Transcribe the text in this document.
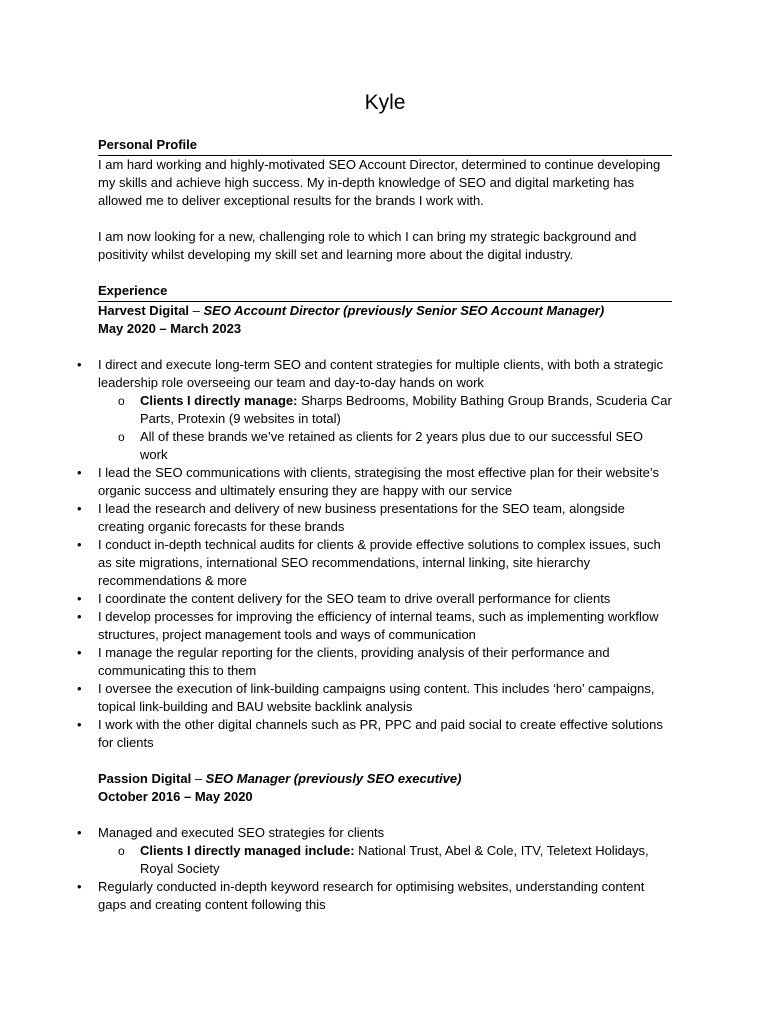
Kyle
Personal Profile

I am hard working and highly-motivated SEO Account Director, determined to continue developing my skills and achieve high success. My in-depth knowledge of SEO and digital marketing has allowed me to deliver exceptional results for the brands I work with.

I am now looking for a new, challenging role to which I can bring my strategic background and positivity whilst developing my skill set and learning more about the digital industry.

Experience
Harvest Digital – SEO Account Director (previously Senior SEO Account Manager)
May 2020 – March 2023
• I direct and execute long-term SEO and content strategies for multiple clients, with both a strategic leadership role overseeing our team and day-to-day hands on work
o Clients I directly manage: Sharps Bedrooms, Mobility Bathing Group Brands, Scuderia Car Parts, Protexin (9 websites in total)
o All of these brands we’ve retained as clients for 2 years plus due to our successful SEO work
• I lead the SEO communications with clients, strategising the most effective plan for their website’s organic success and ultimately ensuring they are happy with our service
• I lead the research and delivery of new business presentations for the SEO team, alongside creating organic forecasts for these brands
• I conduct in-depth technical audits for clients & provide effective solutions to complex issues, such as site migrations, international SEO recommendations, internal linking, site hierarchy recommendations & more
• I coordinate the content delivery for the SEO team to drive overall performance for clients
• I develop processes for improving the efficiency of internal teams, such as implementing workflow structures, project management tools and ways of communication
• I manage the regular reporting for the clients, providing analysis of their performance and communicating this to them
• I oversee the execution of link-building campaigns using content. This includes ‘hero’ campaigns, topical link-building and BAU website backlink analysis
• I work with the other digital channels such as PR, PPC and paid social to create effective solutions for clients
Passion Digital – SEO Manager (previously SEO executive)
October 2016 – May 2020
• Managed and executed SEO strategies for clients
o Clients I directly managed include: National Trust, Abel & Cole, ITV, Teletext Holidays, Royal Society
• Regularly conducted in-depth keyword research for optimising websites, understanding content gaps and creating content following this
